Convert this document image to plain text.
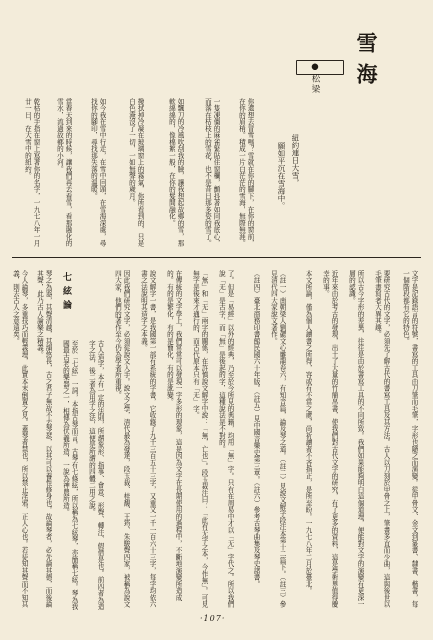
雪海
●松梁

紐約連日大雪，
願如平沉在雪海中。

你還想去冒雪嗎？雪就在你的腳下，在你的窗前，在你的眉梢。積成一片白茫茫的雪海，無際無涯。
一隻凍僵的麻雀緊貼住窗欄，顫抖著如同我底心，而落在枯枝上的雪花，也不是昔日那多姿的雪了。
如飄刀的冷風吹刮我的臉，讓我想起故鄉的雪，那軟綿綿的，像棉絮一般，在你的髮間融化。
撥拭掉冷凝在玻璃窗上的霧氣，你所看到的，只是白色淹沒了一切，一如無聲的歲月。
如今我在雪中行走，在雪中回頭，在雪海深處，尋找你的腳印，尋找那失落的溫暖。
當春天到來的時候，讓我們再去看雪，看那融化的雪水，流過故鄉的小河。
乾枯的手指在窗上寫著你的名字，一九七八年一月廿一日，在大雪中的紐約。
七絃論	文字是記錄語言的符號，書寫的工具由刀筆而毛筆，字形也隨之而演變。從甲骨文、金文到篆書、隸書、楷書，每一個階段都有它的特色。
要研究古代的文字，必須先了解古代的書寫工具及其方法。古人以刀刻於甲骨之上，筆畫多直而少曲，這與後世以毛筆書寫者大異其趣。
所以古今字形的差異，往往是由於書寫工具的不同所致。我們如果能夠明白這個道理，便能對文字的演變有更深一層的認識。
近年來由於考古的發現，出土了大量的竹簡帛書，使我們對古代文字的研究，有了更多的資料，這是學術界值得慶幸的事。
本文所論，僅為個人讀書之所得，容或有不當之處，尚祈讀者不吝指正，是所至盼。一九七八年二月於臺北。
（註一）南朝梁人劉勰文心雕龍卷六，有知音篇，論及琴之道。（註二）見說文解字段注本第十二篇下。（註三）參見清代四大家說文著作。
（註四）臺北商務印書館民國六十年版。（註五）見中國音樂史第三章。（註六）參考古琴曲集及琴史諸書。
了。但是「易經」以外的經典，乃至於今所見的典籍，均用「無」字。只有在周易中才以「无」字代之。所以我們說「无」是古字，而「無」是後起的字，這種說法是不對的。
「無」和「无」兩字的關係，在許慎說文解字中說：「無，亡也」。段玉裁注曰：「此有无字之本，今作無」。可見無字是後來才通行的，而古代原本只有「无」字。
在傳統的文字學上，我們常常可以發現一字多形的現象，這是因為文字在長期使用的過程中，不斷地演變所造成的。有的是繁化，有的是簡化，有的是訛變。
說文解字一書，是我國第一部有系統的字書，它收錄了九千三百五十三字，又重文一千一百六十三字，每字均依六書之法說明其造字之本義。
因此我們研究文字，必須從說文入手。說文之學，清代最為發達，段玉裁、桂馥、王筠、朱駿聲四家，被稱為說文四大家，他們的著作至今仍為學者所重視。
古人造字，本有一定的法則，所謂象形、指事、會意、形聲、轉注、假借是也。前四者為造字之法，後二者為用字之法，這便是所謂的四體二用之說。
至於「七絃」一詞，本指古琴而言。古琴有七條絃，所以稱為七絃琴，亦簡稱七絃。琴為我國最古老的樂器之一，相傳為伏羲所造，一說為神農所造。
琴之為器，其聲清越，其韻悠長，古之君子無故不去琴瑟，以其可以養性修身也。故論琴者，必先論其德，而後論其聲，此乃古人論樂之精義。
今人論琴，多重技巧而輕義理，此實本末倒置之見。蓋琴者禁也，所以禁止淫邪，正人心也。若徒知其聲而不知其義，則去古人之意遠矣。
·107·
